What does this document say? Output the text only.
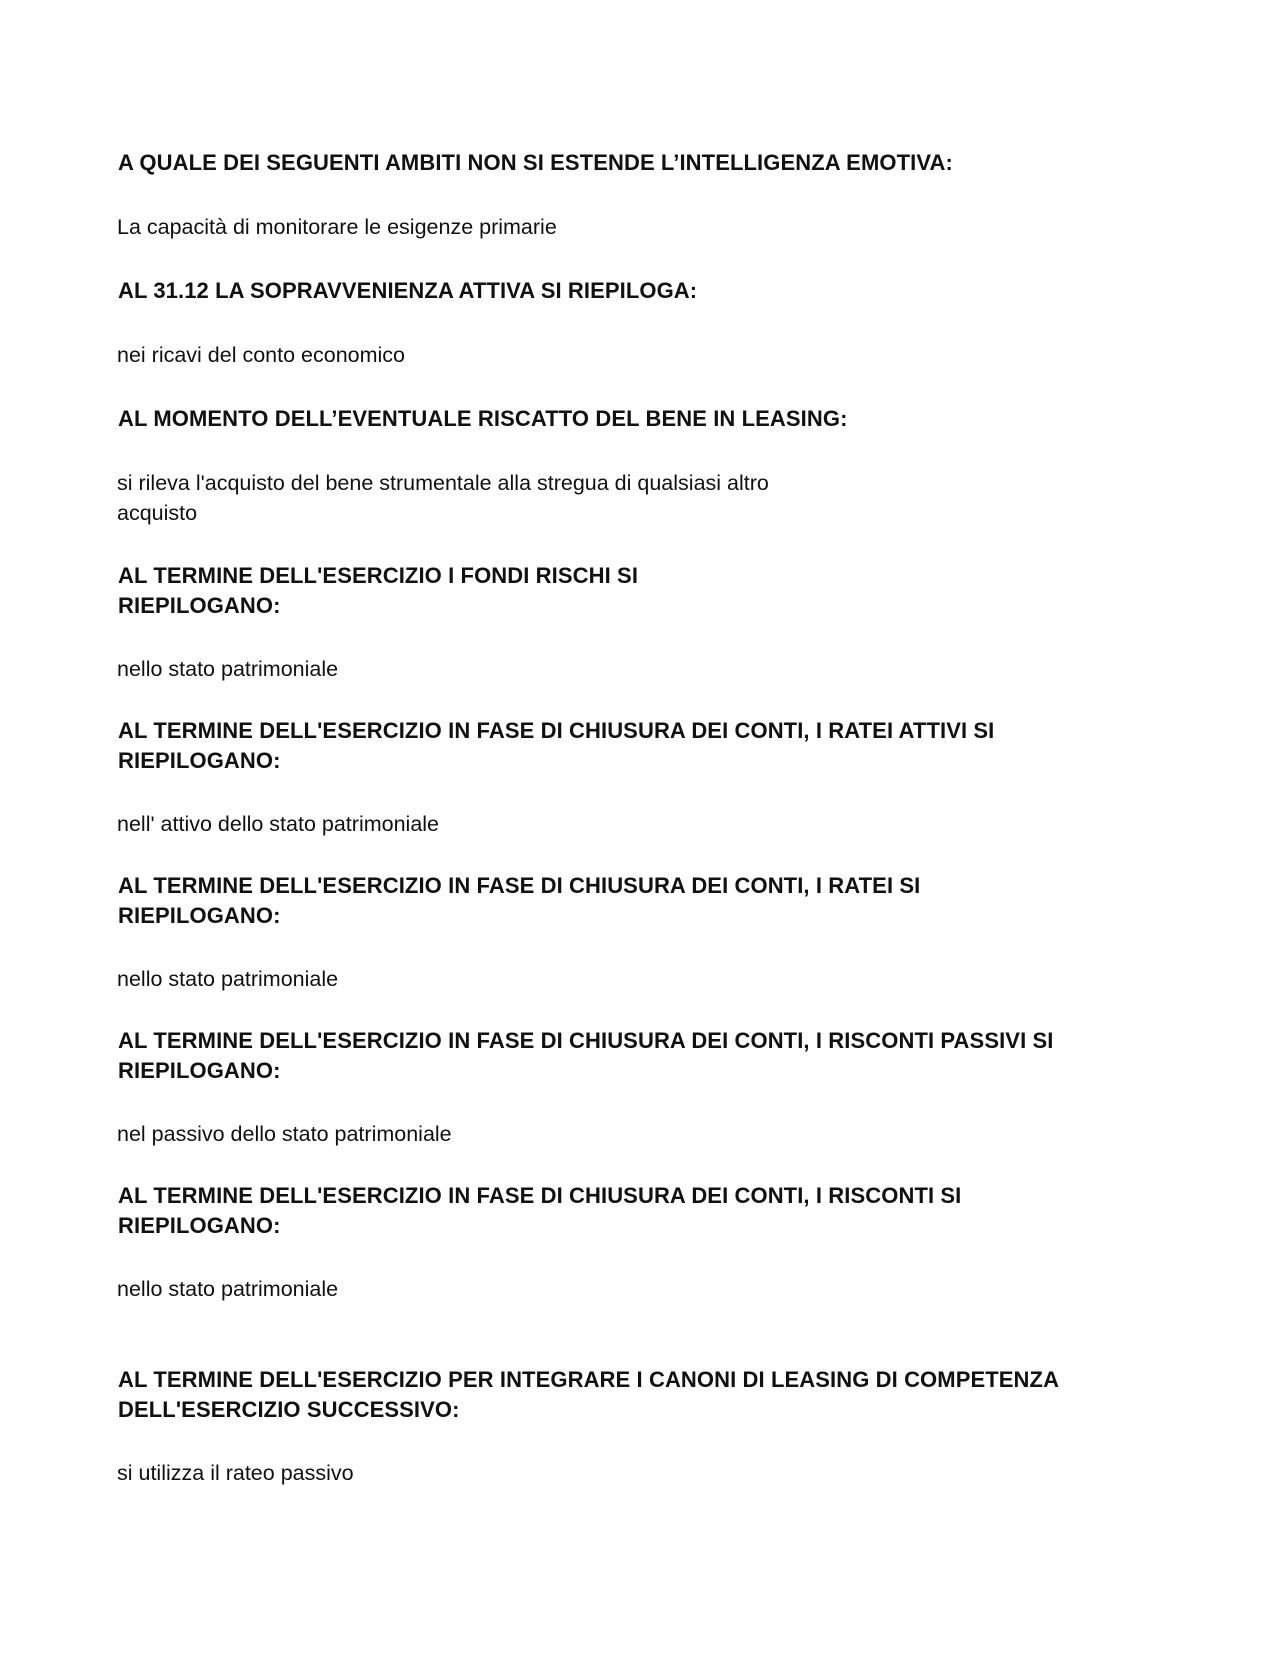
A QUALE DEI SEGUENTI AMBITI NON SI ESTENDE L’INTELLIGENZA EMOTIVA:

La capacità di monitorare le esigenze primarie

AL 31.12 LA SOPRAVVENIENZA ATTIVA SI RIEPILOGA:

nei ricavi del conto economico

AL MOMENTO DELL’EVENTUALE RISCATTO DEL BENE IN LEASING:

si rileva l'acquisto del bene strumentale alla stregua di qualsiasi altro
acquisto

AL TERMINE DELL'ESERCIZIO I FONDI RISCHI SI
RIEPILOGANO:

nello stato patrimoniale

AL TERMINE DELL'ESERCIZIO IN FASE DI CHIUSURA DEI CONTI, I RATEI ATTIVI SI
RIEPILOGANO:

nell' attivo dello stato patrimoniale

AL TERMINE DELL'ESERCIZIO IN FASE DI CHIUSURA DEI CONTI, I RATEI SI
RIEPILOGANO:

nello stato patrimoniale

AL TERMINE DELL'ESERCIZIO IN FASE DI CHIUSURA DEI CONTI, I RISCONTI PASSIVI SI
RIEPILOGANO:

nel passivo dello stato patrimoniale

AL TERMINE DELL'ESERCIZIO IN FASE DI CHIUSURA DEI CONTI, I RISCONTI SI
RIEPILOGANO:

nello stato patrimoniale

AL TERMINE DELL'ESERCIZIO PER INTEGRARE I CANONI DI LEASING DI COMPETENZA
DELL'ESERCIZIO SUCCESSIVO:

si utilizza il rateo passivo
